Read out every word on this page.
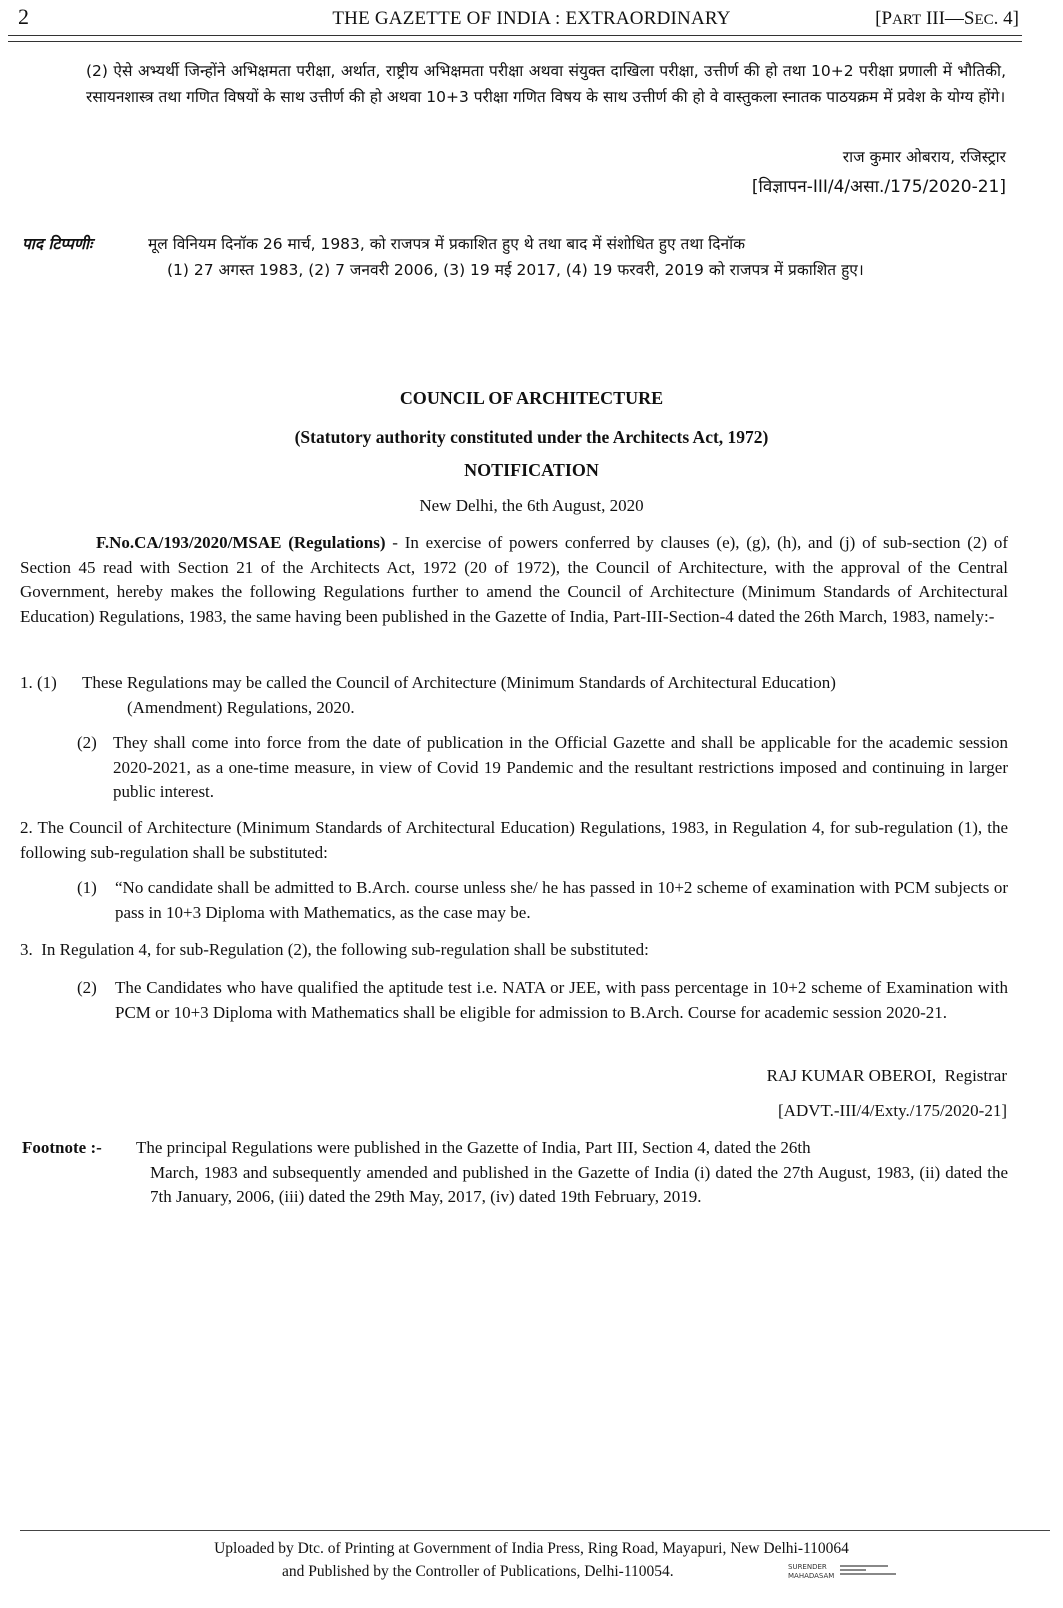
2	THE GAZETTE OF INDIA : EXTRAORDINARY	[PART III—SEC. 4]
(2) ऐसे अभ्यर्थी जिन्होंने अभिक्षमता परीक्षा, अर्थात, राष्ट्रीय अभिक्षमता परीक्षा अथवा संयुक्त दाखिला परीक्षा, उत्तीर्ण की हो तथा 10+2 परीक्षा प्रणाली में भौतिकी, रसायनशास्त्र तथा गणित विषयों के साथ उत्तीर्ण की हो अथवा 10+3 परीक्षा गणित विषय के साथ उत्तीर्ण की हो वे वास्तुकला स्नातक पाठयक्रम में प्रवेश के योग्य होंगे।
राज कुमार ओबराय, रजिस्ट्रार
[विज्ञापन-III/4/असा./175/2020-21]
पाद टिप्पणीः	मूल विनियम दिनॉक 26 मार्च, 1983, को राजपत्र में प्रकाशित हुए थे तथा बाद में संशोधित हुए तथा दिनॉक
(1) 27 अगस्त 1983, (2) 7 जनवरी 2006, (3) 19 मई 2017, (4) 19 फरवरी, 2019 को राजपत्र में प्रकाशित हुए।
COUNCIL OF ARCHITECTURE
(Statutory authority constituted under the Architects Act, 1972)
NOTIFICATION
New Delhi, the 6th August, 2020
F.No.CA/193/2020/MSAE (Regulations) - In exercise of powers conferred by clauses (e), (g), (h), and (j) of sub-section (2) of Section 45 read with Section 21 of the Architects Act, 1972 (20 of 1972), the Council of Architecture, with the approval of the Central Government, hereby makes the following Regulations further to amend the Council of Architecture (Minimum Standards of Architectural Education) Regulations, 1983, the same having been published in the Gazette of India, Part-III-Section-4 dated the 26th March, 1983, namely:-
1. (1)	These Regulations may be called the Council of Architecture (Minimum Standards of Architectural Education)
(Amendment) Regulations, 2020.
(2) They shall come into force from the date of publication in the Official Gazette and shall be applicable for the academic session 2020-2021, as a one-time measure, in view of Covid 19 Pandemic and the resultant restrictions imposed and continuing in larger public interest.
2. The Council of Architecture (Minimum Standards of Architectural Education) Regulations, 1983, in Regulation 4, for sub-regulation (1), the following sub-regulation shall be substituted:
(1)	“No candidate shall be admitted to B.Arch. course unless she/ he has passed in 10+2 scheme of examination with PCM subjects or pass in 10+3 Diploma with Mathematics, as the case may be.
3.  In Regulation 4, for sub-Regulation (2), the following sub-regulation shall be substituted:
(2)	The Candidates who have qualified the aptitude test i.e. NATA or JEE, with pass percentage in 10+2 scheme of Examination with PCM or 10+3 Diploma with Mathematics shall be eligible for admission to B.Arch. Course for academic session 2020-21.
RAJ KUMAR OBEROI,  Registrar
[ADVT.-III/4/Exty./175/2020-21]
Footnote :- The principal Regulations were published in the Gazette of India, Part III, Section 4, dated the 26th
March, 1983 and subsequently amended and published in the Gazette of India (i) dated the 27th August, 1983, (ii) dated the 7th January, 2006, (iii) dated the 29th May, 2017, (iv) dated 19th February, 2019.
Uploaded by Dtc. of Printing at Government of India Press, Ring Road, Mayapuri, New Delhi-110064
and Published by the Controller of Publications, Delhi-110054.	SURENDER
MAHADASAM
